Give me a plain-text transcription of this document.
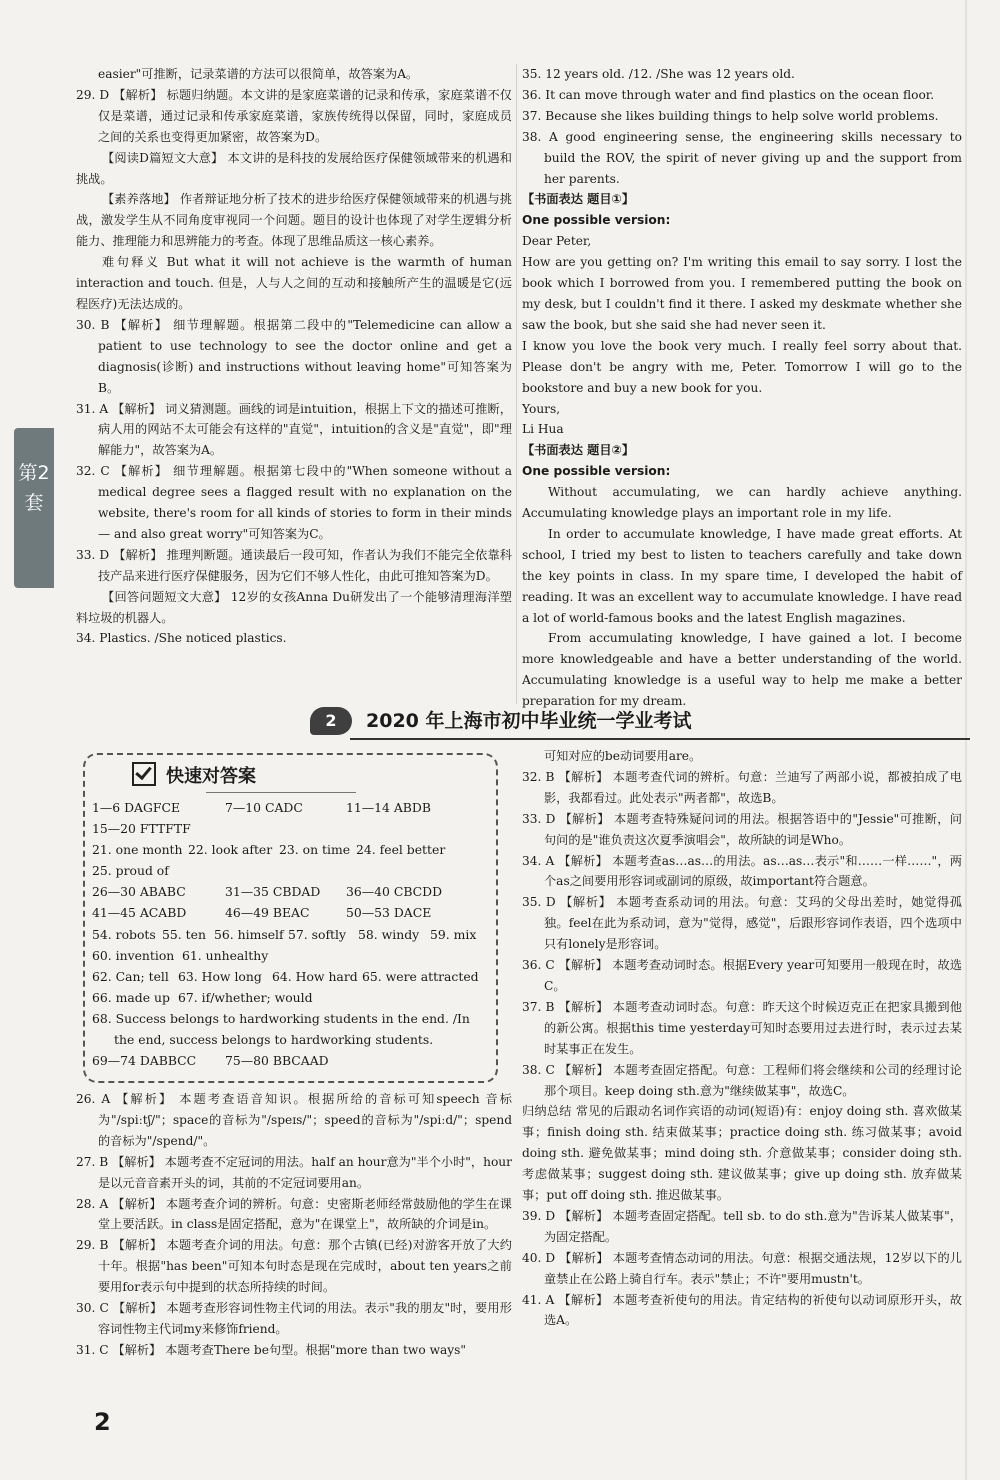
第2套

easier"可推断，记录菜谱的方法可以很简单，故答案为A。

29. D 【解析】 标题归纳题。本文讲的是家庭菜谱的记录和传承，家庭菜谱不仅仅是菜谱，通过记录和传承家庭菜谱，家族传统得以保留，同时，家庭成员之间的关系也变得更加紧密，故答案为D。

【阅读D篇短文大意】 本文讲的是科技的发展给医疗保健领域带来的机遇和挑战。

【素养落地】 作者辩证地分析了技术的进步给医疗保健领域带来的机遇与挑战，激发学生从不同角度审视同一个问题。题目的设计也体现了对学生逻辑分析能力、推理能力和思辨能力的考查。体现了思维品质这一核心素养。

难句释义 But what it will not achieve is the warmth of human interaction and touch. 但是，人与人之间的互动和接触所产生的温暖是它(远程医疗)无法达成的。

30. B 【解析】 细节理解题。根据第二段中的"Telemedicine can allow a patient to use technology to see the doctor online and get a diagnosis(诊断) and instructions without leaving home"可知答案为B。

31. A 【解析】 词义猜测题。画线的词是intuition，根据上下文的描述可推断，病人用的网站不太可能会有这样的"直觉"，intuition的含义是"直觉"，即"理解能力"，故答案为A。

32. C 【解析】 细节理解题。根据第七段中的"When someone without a medical degree sees a flagged result with no explanation on the website, there's room for all kinds of stories to form in their minds — and also great worry"可知答案为C。

33. D 【解析】 推理判断题。通读最后一段可知，作者认为我们不能完全依靠科技产品来进行医疗保健服务，因为它们不够人性化，由此可推知答案为D。

【回答问题短文大意】 12岁的女孩Anna Du研发出了一个能够清理海洋塑料垃圾的机器人。

34. Plastics. /She noticed plastics.

35. 12 years old. /12. /She was 12 years old.

36. It can move through water and find plastics on the ocean floor.

37. Because she likes building things to help solve world problems.

38. A good engineering sense, the engineering skills necessary to build the ROV, the spirit of never giving up and the support from her parents.

【书面表达 题目①】

One possible version:

Dear Peter,

How are you getting on? I'm writing this email to say sorry. I lost the book which I borrowed from you. I remembered putting the book on my desk, but I couldn't find it there. I asked my deskmate whether she saw the book, but she said she had never seen it.

I know you love the book very much. I really feel sorry about that. Please don't be angry with me, Peter. Tomorrow I will go to the bookstore and buy a new book for you.

Yours,

Li Hua

【书面表达 题目②】

One possible version:

Without accumulating, we can hardly achieve anything. Accumulating knowledge plays an important role in my life.

In order to accumulate knowledge, I have made great efforts. At school, I tried my best to listen to teachers carefully and take down the key points in class. In my spare time, I developed the habit of reading. It was an excellent way to accumulate knowledge. I have read a lot of world-famous books and the latest English magazines.

From accumulating knowledge, I have gained a lot. I become more knowledgeable and have a better understanding of the world. Accumulating knowledge is a useful way to help me make a better preparation for my dream.

2	2020 年上海市初中毕业统一学业考试
快速对答案
1—6 DAGFCE	7—10 CADC	11—14 ABDB
15—20 FTTFTF
21. one month 22. look after 23. on time 24. feel better
25. proud of
26—30 ABABC	31—35 CBDAD 36—40 CBCDD
41—45 ACABD	46—49 BEAC	50—53 DACE
54. robots 55. ten 56. himself 57. softly 58. windy 59. mix
60. invention 61. unhealthy
62. Can; tell 63. How long 64. How hard 65. were attracted
66. made up 67. if/whether; would
68. Success belongs to hardworking students in the end. /In the end, success belongs to hardworking students.
69—74 DABBCC 75—80 BBCAAD

26. A 【解析】 本题考查语音知识。根据所给的音标可知speech 音标为"/spiːtʃ/"；space的音标为"/speɪs/"；speed的音标为"/spiːd/"；spend的音标为"/spend/"。

27. B 【解析】 本题考查不定冠词的用法。half an hour意为"半个小时"，hour是以元音音素开头的词，其前的不定冠词要用an。

28. A 【解析】 本题考查介词的辨析。句意：史密斯老师经常鼓励他的学生在课堂上要活跃。in class是固定搭配，意为"在课堂上"，故所缺的介词是in。

29. B 【解析】 本题考查介词的用法。句意：那个古镇(已经)对游客开放了大约十年。根据"has been"可知本句时态是现在完成时，about ten years之前要用for表示句中提到的状态所持续的时间。

30. C 【解析】 本题考查形容词性物主代词的用法。表示"我的朋友"时，要用形容词性物主代词my来修饰friend。

31. C 【解析】 本题考查There be句型。根据"more than two ways"

可知对应的be动词要用are。

32. B 【解析】 本题考查代词的辨析。句意：兰迪写了两部小说，都被拍成了电影，我都看过。此处表示"两者都"，故选B。

33. D 【解析】 本题考查特殊疑问词的用法。根据答语中的"Jessie"可推断，问句问的是"谁负责这次夏季演唱会"，故所缺的词是Who。

34. A 【解析】 本题考查as…as…的用法。as…as…表示"和……一样……"，两个as之间要用形容词或副词的原级，故important符合题意。

35. D 【解析】 本题考查系动词的用法。句意：艾玛的父母出差时，她觉得孤独。feel在此为系动词，意为"觉得，感觉"，后跟形容词作表语，四个选项中只有lonely是形容词。

36. C 【解析】 本题考查动词时态。根据Every year可知要用一般现在时，故选C。

37. B 【解析】 本题考查动词时态。句意：昨天这个时候迈克正在把家具搬到他的新公寓。根据this time yesterday可知时态要用过去进行时，表示过去某时某事正在发生。

38. C 【解析】 本题考查固定搭配。句意：工程师们将会继续和公司的经理讨论那个项目。keep doing sth.意为"继续做某事"，故选C。

归纳总结 常见的后跟动名词作宾语的动词(短语)有：enjoy doing sth. 喜欢做某事；finish doing sth. 结束做某事；practice doing sth. 练习做某事；avoid doing sth. 避免做某事；mind doing sth. 介意做某事；consider doing sth. 考虑做某事；suggest doing sth. 建议做某事；give up doing sth. 放弃做某事；put off doing sth. 推迟做某事。

39. D 【解析】 本题考查固定搭配。tell sb. to do sth.意为"告诉某人做某事"，为固定搭配。

40. D 【解析】 本题考查情态动词的用法。句意：根据交通法规，12岁以下的儿童禁止在公路上骑自行车。表示"禁止；不许"要用mustn't。

41. A 【解析】 本题考查祈使句的用法。肯定结构的祈使句以动词原形开头，故选A。

2
